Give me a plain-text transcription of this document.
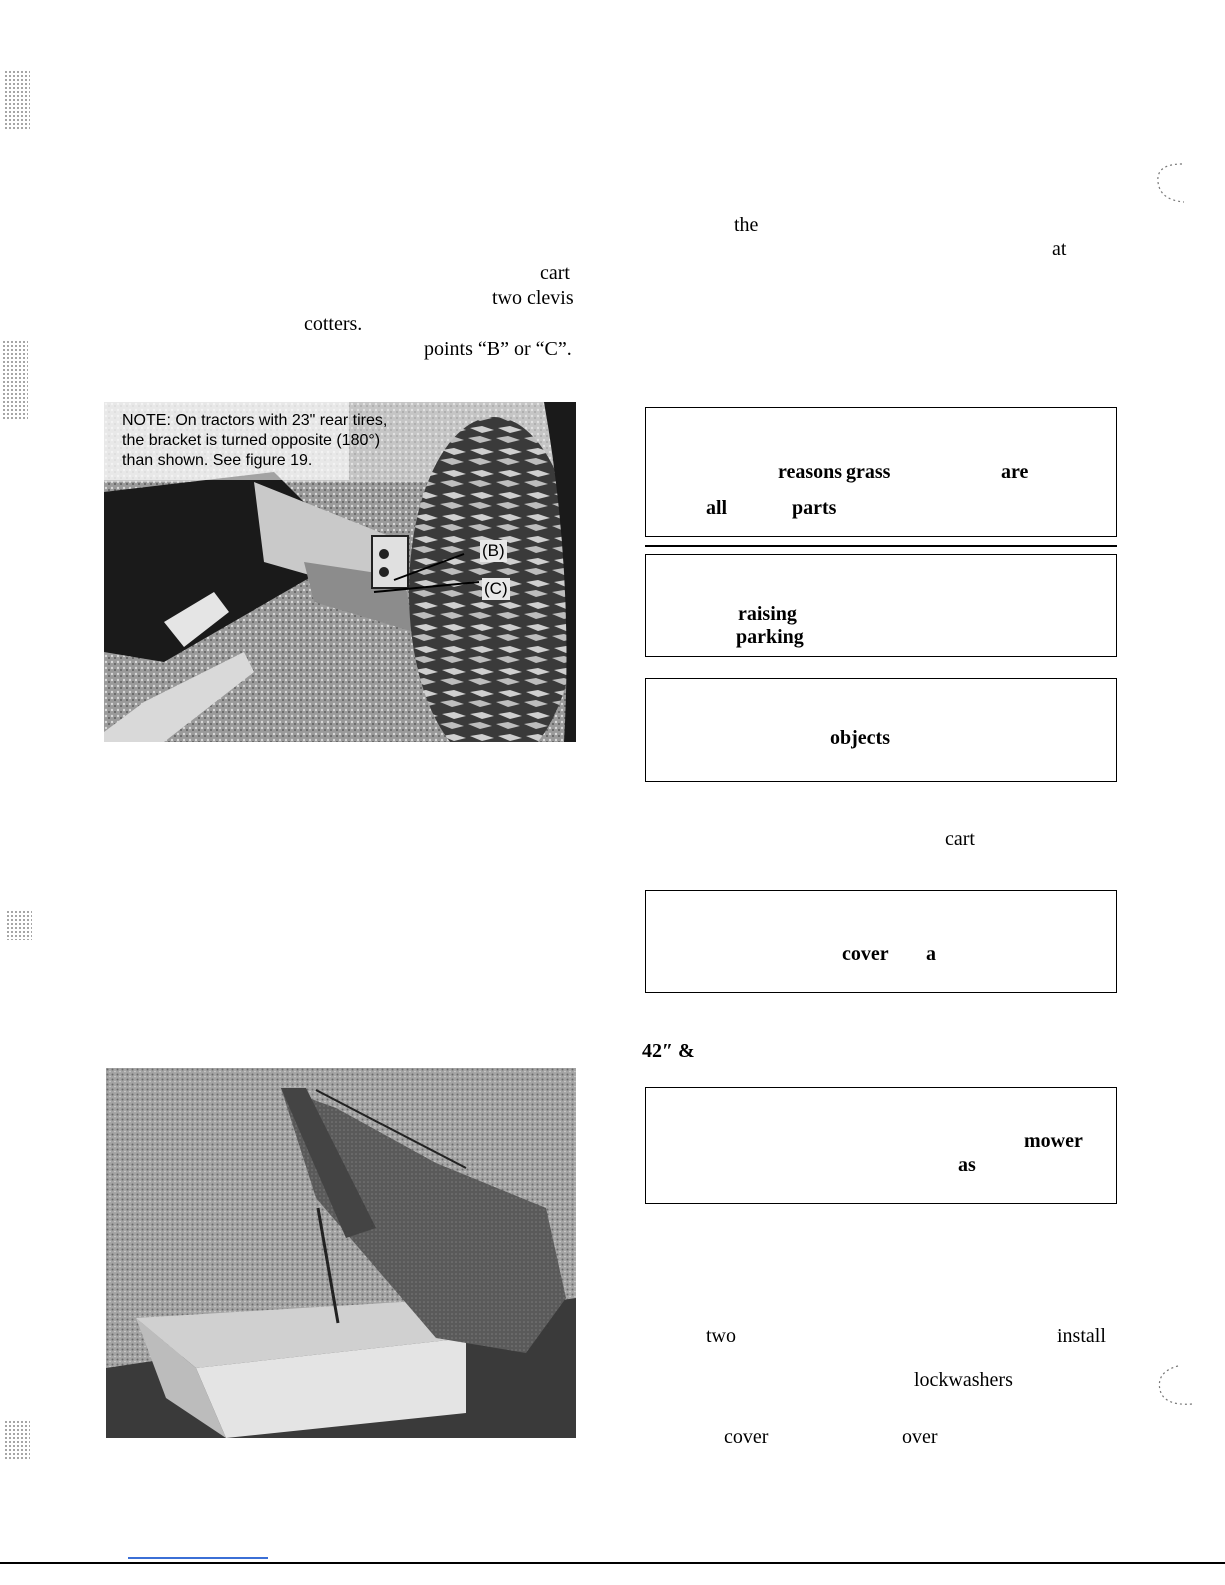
cart
two clevis
cotters.
points “B” or “C”.
NOTE: On tractors with 23" rear tires,
the bracket is turned opposite (180°)
than shown. See figure 19.
(B)
(C)
the
at
reasons grass	are
all	parts
raising
parking
objects
cart
cover a
42″ &
mower
as
two	install
lockwashers
cover	over
